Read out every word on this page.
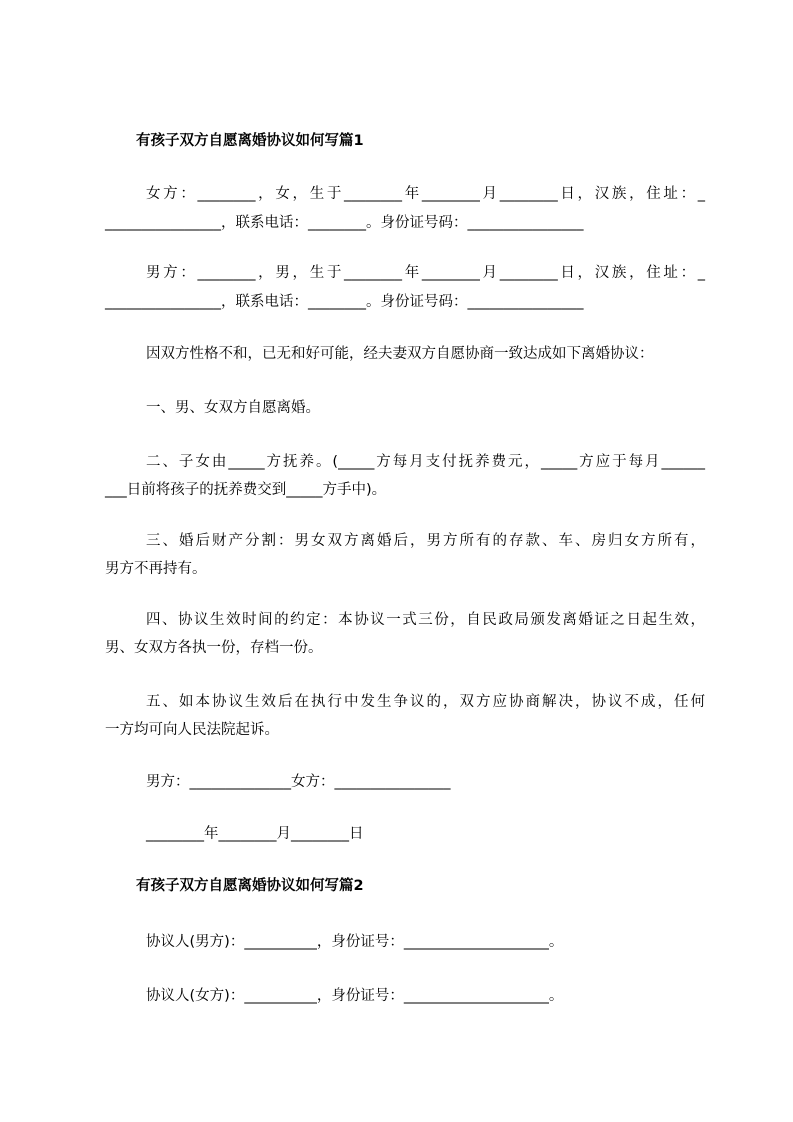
有孩子双方自愿离婚协议如何写篇1
女方：________，女，生于________年________月________日，汉族，住址：_
________________，联系电话：________。身份证号码：________________
男方：________，男，生于________年________月________日，汉族，住址：_
________________，联系电话：________。身份证号码：________________
因双方性格不和，已无和好可能，经夫妻双方自愿协商一致达成如下离婚协议：
一、男、女双方自愿离婚。
二、子女由_____方抚养。(_____方每月支付抚养费元，_____方应于每月______
___日前将孩子的抚养费交到_____方手中)。
三、婚后财产分割：男女双方离婚后，男方所有的存款、车、房归女方所有，
男方不再持有。
四、协议生效时间的约定：本协议一式三份，自民政局颁发离婚证之日起生效，
男、女双方各执一份，存档一份。
五、如本协议生效后在执行中发生争议的，双方应协商解决，协议不成，任何
一方均可向人民法院起诉。
男方：______________女方：________________
________年________月________日
有孩子双方自愿离婚协议如何写篇2
协议人(男方)：__________，身份证号：____________________。
协议人(女方)：__________，身份证号：____________________。
